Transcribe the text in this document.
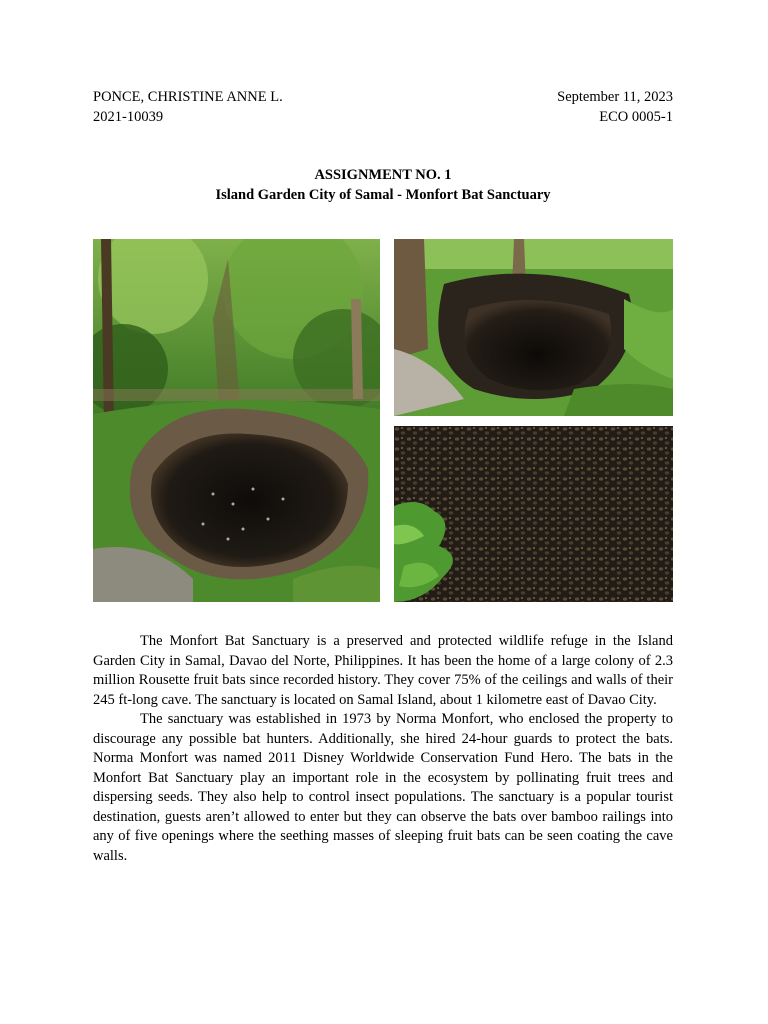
PONCE, CHRISTINE ANNE L.	September 11, 2023
2021-10039	ECO 0005-1
ASSIGNMENT NO. 1
Island Garden City of Samal - Monfort Bat Sanctuary

The Monfort Bat Sanctuary is a preserved and protected wildlife refuge in the Island Garden City in Samal, Davao del Norte, Philippines. It has been the home of a large colony of 2.3 million Rousette fruit bats since recorded history. They cover 75% of the ceilings and walls of their 245 ft-long cave. The sanctuary is located on Samal Island, about 1 kilometre east of Davao City.

The sanctuary was established in 1973 by Norma Monfort, who enclosed the property to discourage any possible bat hunters. Additionally, she hired 24-hour guards to protect the bats. Norma Monfort was named 2011 Disney Worldwide Conservation Fund Hero. The bats in the Monfort Bat Sanctuary play an important role in the ecosystem by pollinating fruit trees and dispersing seeds. They also help to control insect populations. The sanctuary is a popular tourist destination, guests aren’t allowed to enter but they can observe the bats over bamboo railings into any of five openings where the seething masses of sleeping fruit bats can be seen coating the cave walls.
